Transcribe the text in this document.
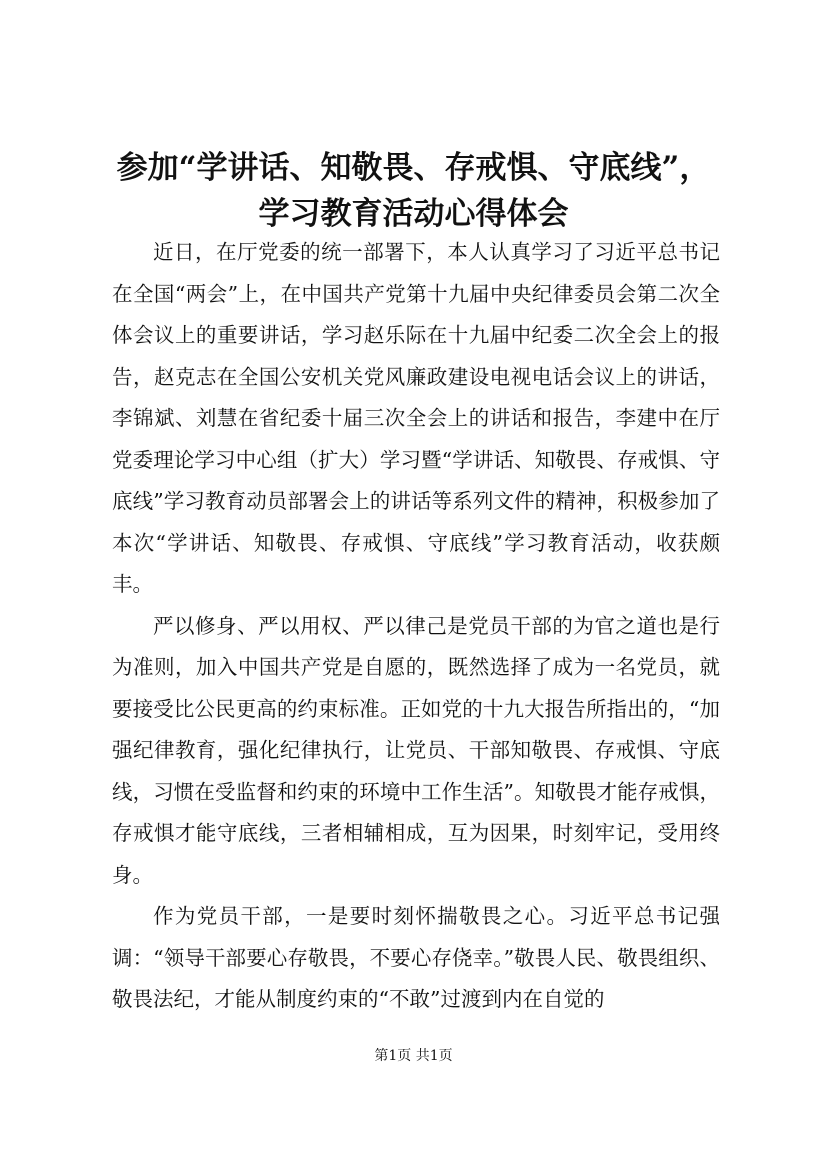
参加“学讲话、知敬畏、存戒惧、守底线”，
学习教育活动心得体会

近日，在厅党委的统一部署下，本人认真学习了习近平总书记在全国“两会”上，在中国共产党第十九届中央纪律委员会第二次全体会议上的重要讲话，学习赵乐际在十九届中纪委二次全会上的报告，赵克志在全国公安机关党风廉政建设电视电话会议上的讲话，李锦斌、刘慧在省纪委十届三次全会上的讲话和报告，李建中在厅党委理论学习中心组（扩大）学习暨“学讲话、知敬畏、存戒惧、守底线”学习教育动员部署会上的讲话等系列文件的精神，积极参加了本次“学讲话、知敬畏、存戒惧、守底线”学习教育活动，收获颇丰。

严以修身、严以用权、严以律己是党员干部的为官之道也是行为准则，加入中国共产党是自愿的，既然选择了成为一名党员，就要接受比公民更高的约束标准。正如党的十九大报告所指出的，“加强纪律教育，强化纪律执行，让党员、干部知敬畏、存戒惧、守底线，习惯在受监督和约束的环境中工作生活”。知敬畏才能存戒惧，存戒惧才能守底线，三者相辅相成，互为因果，时刻牢记，受用终身。

作为党员干部，一是要时刻怀揣敬畏之心。习近平总书记强调：“领导干部要心存敬畏，不要心存侥幸。”敬畏人民、敬畏组织、敬畏法纪，才能从制度约束的“不敢”过渡到内在自觉的

第1页 共1页
